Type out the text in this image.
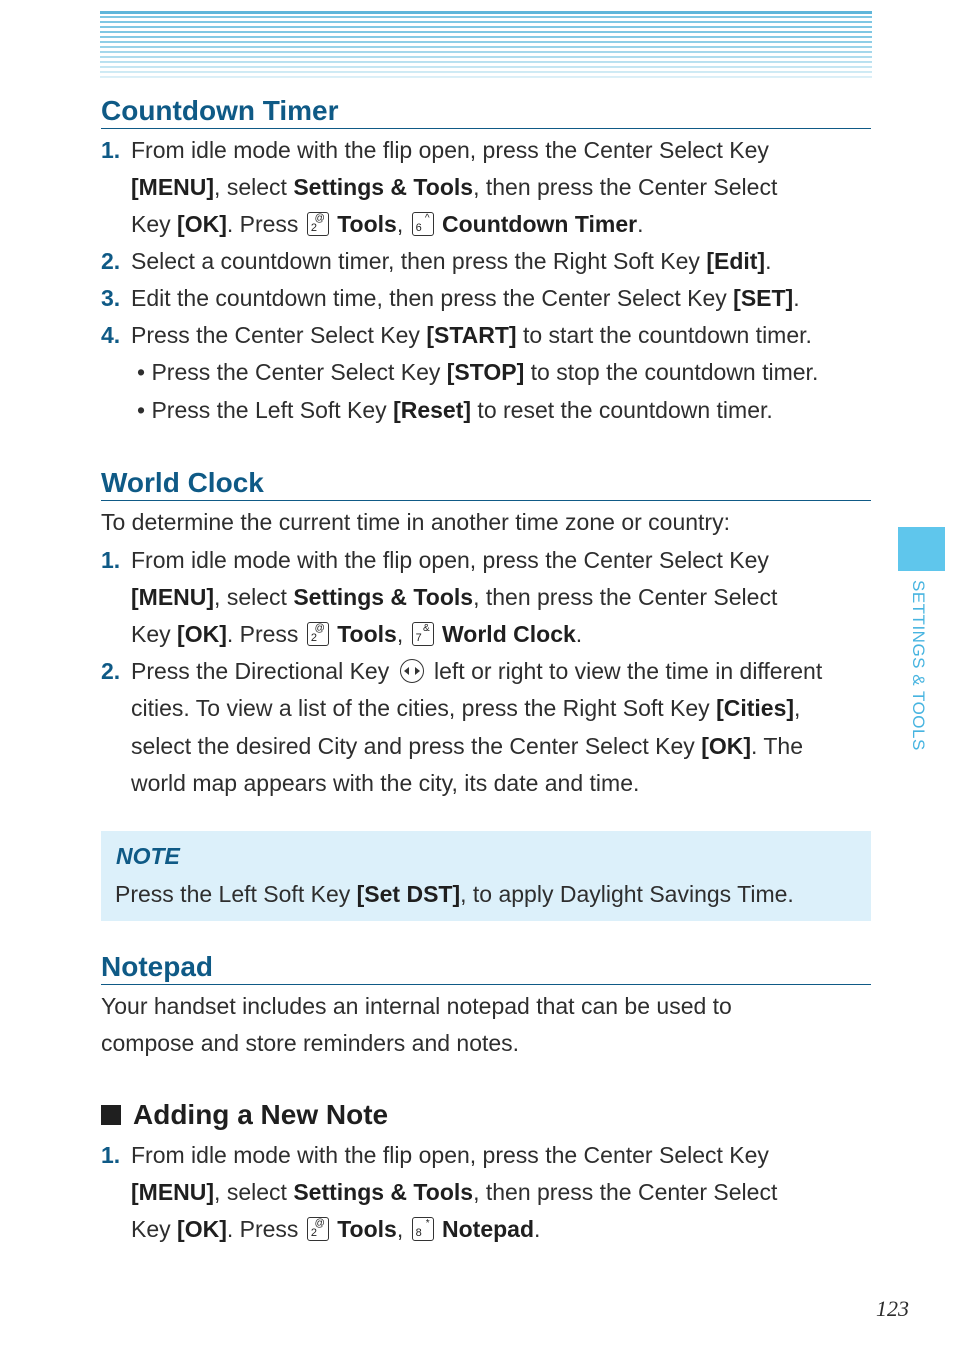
Countdown Timer
1. From idle mode with the flip open, press the Center Select Key
[MENU], select Settings & Tools, then press the Center Select
Key [OK]. Press 2
@ Tools, 6
^ Countdown Timer.
2. Select a countdown timer, then press the Right Soft Key [Edit].
3. Edit the countdown time, then press the Center Select Key [SET].
4. Press the Center Select Key [START] to start the countdown timer.
• Press the Center Select Key [STOP] to stop the countdown timer.
• Press the Left Soft Key [Reset] to reset the countdown timer.
World Clock
To determine the current time in another time zone or country:
1. From idle mode with the flip open, press the Center Select Key
[MENU], select Settings & Tools, then press the Center Select
Key [OK]. Press 2
@ Tools, 7
& World Clock.
2. Press the Directional Key  left or right to view the time in different
cities. To view a list of the cities, press the Right Soft Key [Cities],
select the desired City and press the Center Select Key [OK]. The
world map appears with the city, its date and time.
NOTE
Press the Left Soft Key [Set DST], to apply Daylight Savings Time.
Notepad
Your handset includes an internal notepad that can be used to
compose and store reminders and notes.
Adding a New Note
1. From idle mode with the flip open, press the Center Select Key
[MENU], select Settings & Tools, then press the Center Select
Key [OK]. Press 2
@ Tools, 8
* Notepad.
SETTINGS & TOOLS
123
